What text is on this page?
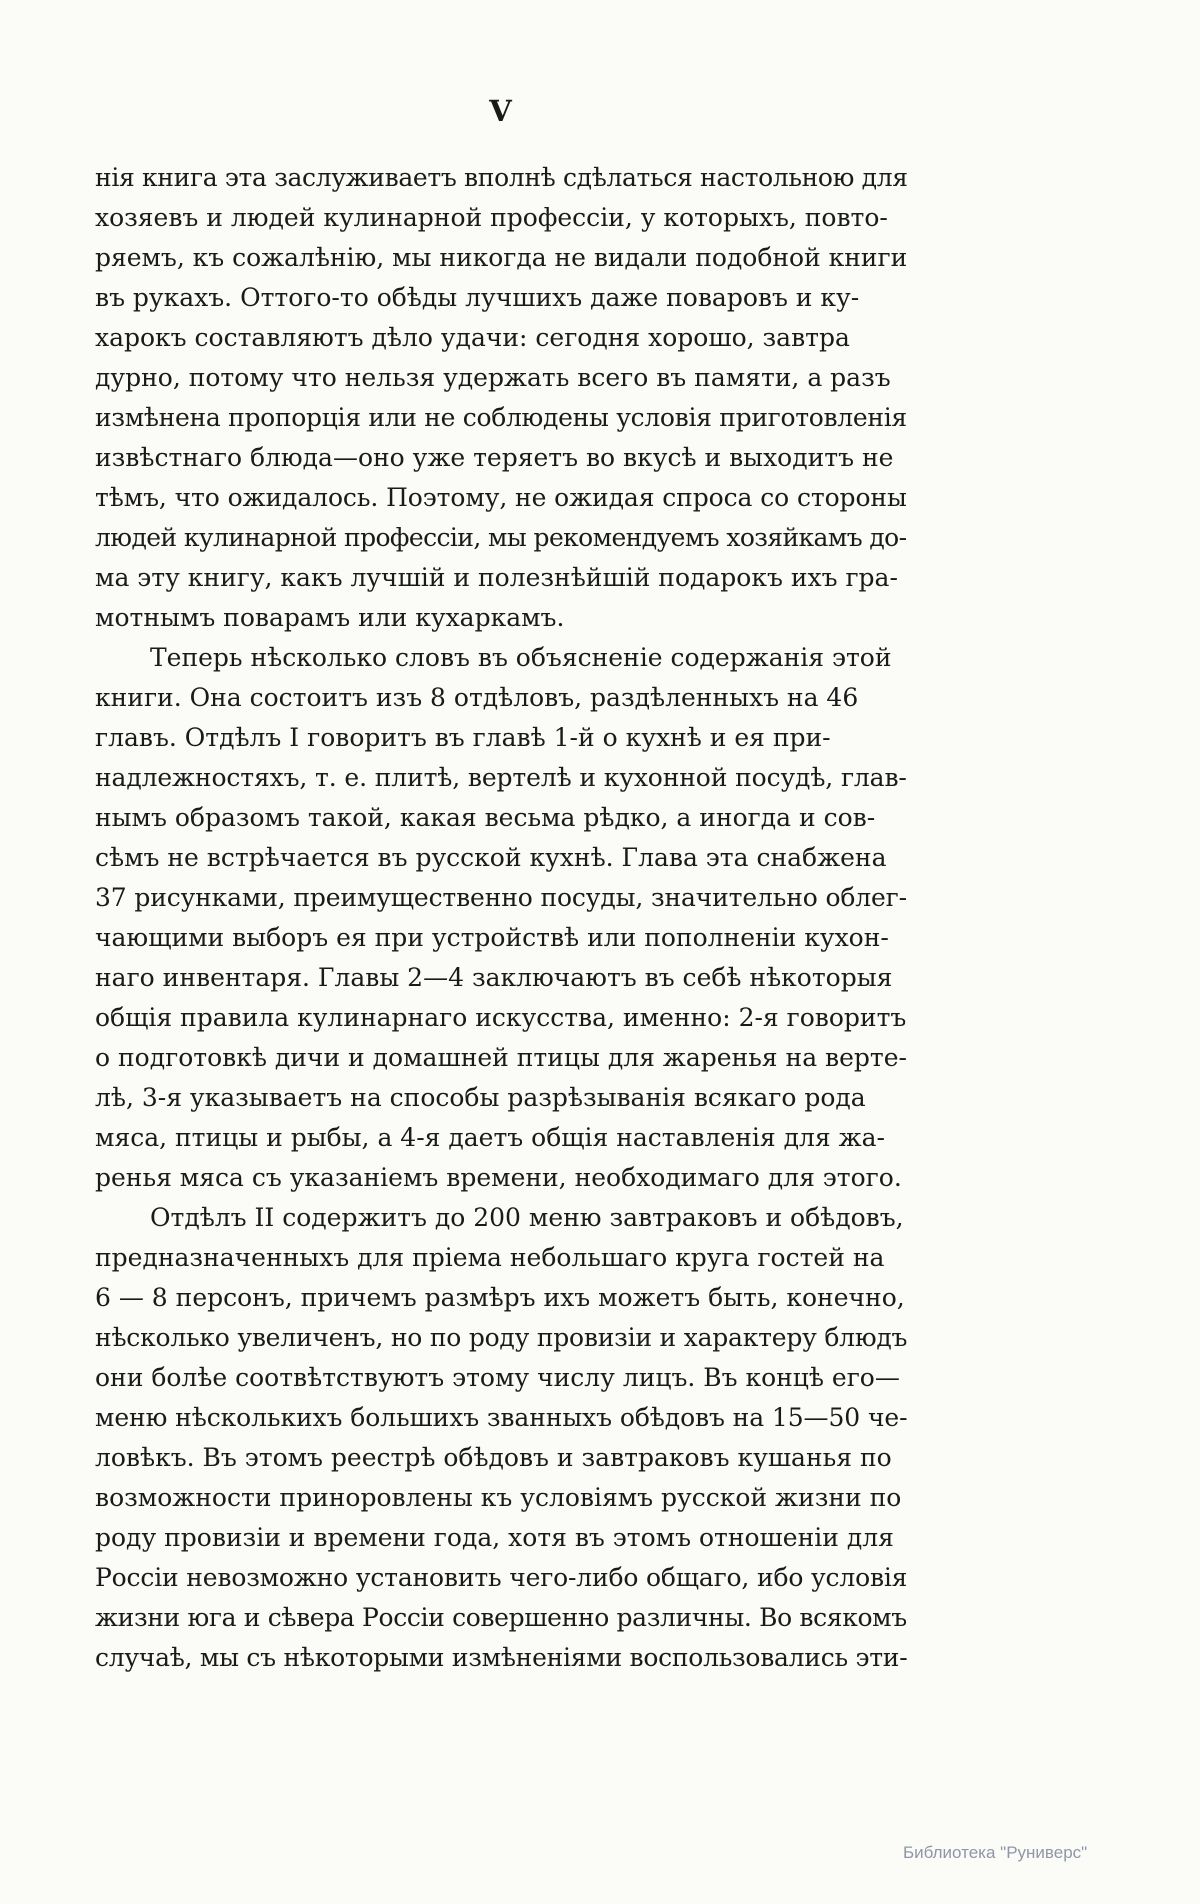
V
нія книга эта заслуживаетъ вполнѣ сдѣлаться настольною для
хозяевъ и людей кулинарной профессіи, у которыхъ, повто-
ряемъ, къ сожалѣнію, мы никогда не видали подобной книги
въ рукахъ. Оттого-то обѣды лучшихъ даже поваровъ и ку-
харокъ составляютъ дѣло удачи: сегодня хорошо, завтра
дурно, потому что нельзя удержать всего въ памяти, а разъ
измѣнена пропорція или не соблюдены условія приготовленія
извѣстнаго блюда—оно уже теряетъ во вкусѣ и выходитъ не
тѣмъ, что ожидалось. Поэтому, не ожидая спроса со стороны
людей кулинарной профессіи, мы рекомендуемъ хозяйкамъ до-
ма эту книгу, какъ лучшій и полезнѣйшій подарокъ ихъ гра-
мотнымъ поварамъ или кухаркамъ.
Теперь нѣсколько словъ въ объясненіе содержанія этой
книги. Она состоитъ изъ 8 отдѣловъ, раздѣленныхъ на 46
главъ. Отдѣлъ I говоритъ въ главѣ 1-й о кухнѣ и ея при-
надлежностяхъ, т. е. плитѣ, вертелѣ и кухонной посудѣ, глав-
нымъ образомъ такой, какая весьма рѣдко, а иногда и сов-
сѣмъ не встрѣчается въ русской кухнѣ. Глава эта снабжена
37 рисунками, преимущественно посуды, значительно облег-
чающими выборъ ея при устройствѣ или пополненіи кухон-
наго инвентаря. Главы 2—4 заключаютъ въ себѣ нѣкоторыя
общія правила кулинарнаго искусства, именно: 2-я говоритъ
о подготовкѣ дичи и домашней птицы для жаренья на верте-
лѣ, 3-я указываетъ на способы разрѣзыванія всякаго рода
мяса, птицы и рыбы, а 4-я даетъ общія наставленія для жа-
ренья мяса съ указаніемъ времени, необходимаго для этого.
Отдѣлъ II содержитъ до 200 меню завтраковъ и обѣдовъ,
предназначенныхъ для пріема небольшаго круга гостей на
6 — 8 персонъ, причемъ размѣръ ихъ можетъ быть, конечно,
нѣсколько увеличенъ, но по роду провизіи и характеру блюдъ
они болѣе соотвѣтствуютъ этому числу лицъ. Въ концѣ его—
меню нѣсколькихъ большихъ званныхъ обѣдовъ на 15—50 че-
ловѣкъ. Въ этомъ реестрѣ обѣдовъ и завтраковъ кушанья по
возможности приноровлены къ условіямъ русской жизни по
роду провизіи и времени года, хотя въ этомъ отношеніи для
Россіи невозможно установить чего-либо общаго, ибо условія
жизни юга и сѣвера Россіи совершенно различны. Во всякомъ
случаѣ, мы съ нѣкоторыми измѣненіями воспользовались эти-
Библиотека "Руниверс"
